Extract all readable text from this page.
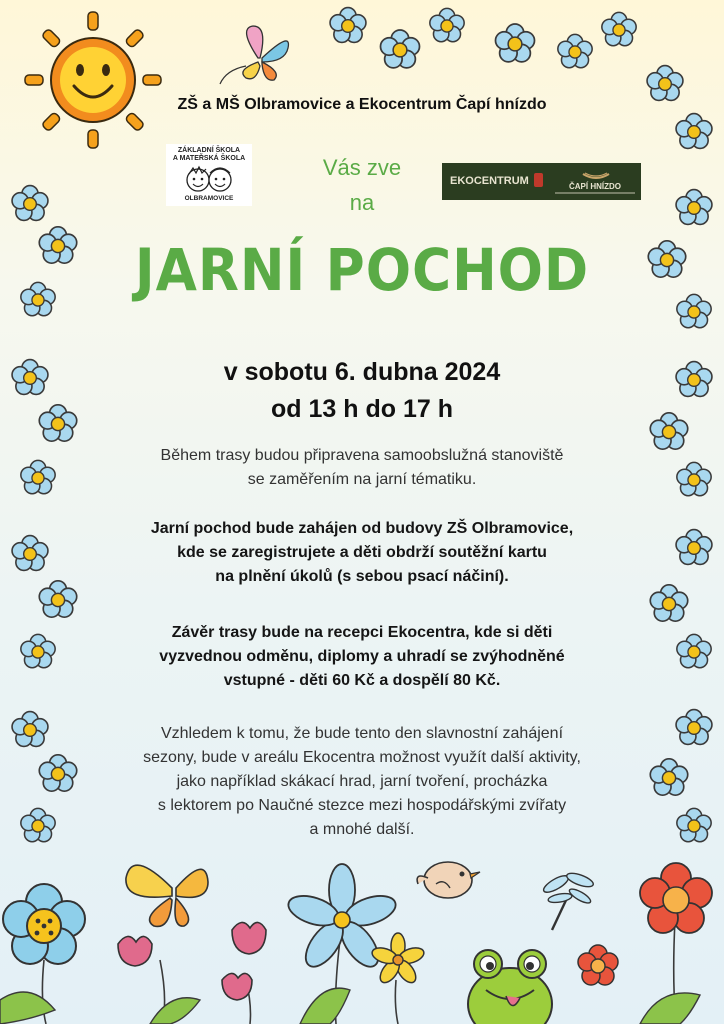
ZŠ a MŠ Olbramovice a Ekocentrum Čapí hnízdo
ZÁKLADNÍ ŠKOLA
A MATEŘSKÁ ŠKOLA
OLBRAMOVICE
Vás zve
na
EKOCENTRUM	ČAPÍ HNÍZDO
JARNÍ POCHOD
v sobotu 6. dubna 2024
od 13 h do 17 h
Během trasy budou připravena samoobslužná stanoviště
se zaměřením na jarní tématiku.
Jarní pochod bude zahájen od budovy ZŠ Olbramovice,
kde se zaregistrujete a děti obdrží soutěžní kartu
na plnění úkolů (s sebou psací náčiní).
Závěr trasy bude na recepci Ekocentra, kde si děti
vyzvednou odměnu, diplomy a uhradí se zvýhodněné
vstupné - děti 60 Kč a dospělí 80 Kč.
Vzhledem k tomu, že bude tento den slavnostní zahájení
sezony, bude v areálu Ekocentra možnost využít další aktivity,
jako například skákací hrad, jarní tvoření, procházka
s lektorem po Naučné stezce mezi hospodářskými zvířaty
a mnohé další.
